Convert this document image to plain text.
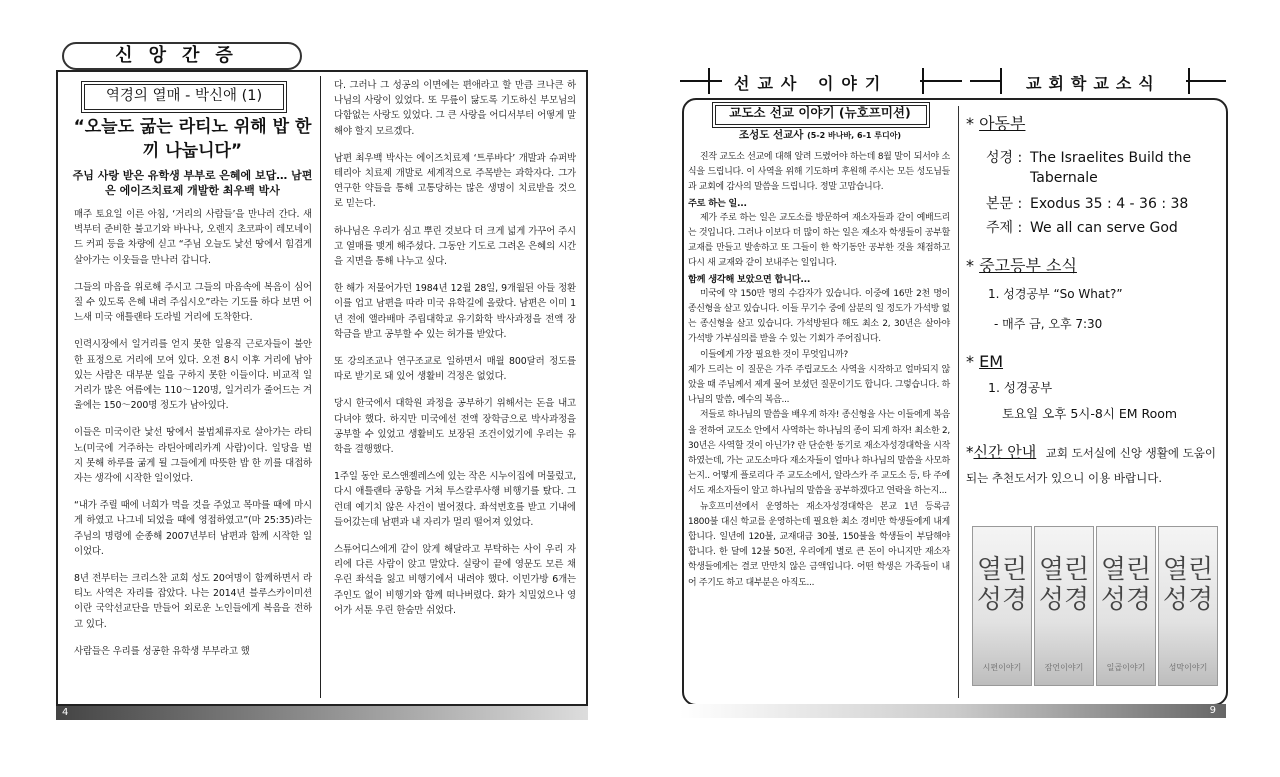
신앙간증
역경의 열매 - 박신애 (1)
“오늘도 굶는 라티노 위해 밥 한 끼 나눕니다”
주님 사랑 받은 유학생 부부로 은혜에 보답… 남편은 에이즈치료제 개발한 최우백 박사

매주 토요일 이른 아침, ‘거리의 사람들’을 만나러 간다. 새벽부터 준비한 불고기와 바나나, 오렌지 초코파이 레모네이드 커피 등을 차량에 싣고 “주님 오늘도 낯선 땅에서 힘겹게 살아가는 이웃들을 만나러 갑니다.

그들의 마음을 위로해 주시고 그들의 마음속에 복음이 심어질 수 있도록 은혜 내려 주십시오”라는 기도를 하다 보면 어느새 미국 애틀랜타 도라빌 거리에 도착한다.

인력시장에서 일거리를 얻지 못한 일용직 근로자들이 불안한 표정으로 거리에 모여 있다. 오전 8시 이후 거리에 남아있는 사람은 대부분 일을 구하지 못한 이들이다. 비교적 일거리가 많은 여름에는 110～120명, 일거리가 줄어드는 겨울에는 150～200명 정도가 남아있다.

이들은 미국이란 낯선 땅에서 불법체류자로 살아가는 라티노(미국에 거주하는 라틴아메리카계 사람)이다. 일당을 벌지 못해 하루를 굶게 될 그들에게 따뜻한 밥 한 끼를 대접하자는 생각에 시작한 일이었다.

“내가 주릴 때에 너희가 먹을 것을 주었고 목마를 때에 마시게 하였고 나그네 되었을 때에 영접하였고”(마 25:35)라는 주님의 명령에 순종해 2007년부터 남편과 함께 시작한 일이었다.

8년 전부터는 크리스찬 교회 성도 20여명이 함께하면서 라티노 사역은 자리를 잡았다. 나는 2014년 블루스카이미션이란 국악선교단을 만들어 외로운 노인들에게 복음을 전하고 있다.

사람들은 우리를 성공한 유학생 부부라고 했

다. 그러나 그 성공의 이면에는 편애라고 할 만큼 크나큰 하나님의 사랑이 있었다. 또 무릎이 닳도록 기도하신 부모님의 다함없는 사랑도 있었다. 그 큰 사랑을 어디서부터 어떻게 말해야 할지 모르겠다.

남편 최우백 박사는 에이즈치료제 ‘트루바다’ 개발과 슈퍼박테리아 치료제 개발로 세계적으로 주목받는 과학자다. 그가 연구한 약들을 통해 고통당하는 많은 생명이 치료받을 것으로 믿는다.

하나님은 우리가 심고 뿌린 것보다 더 크게 넓게 가꾸어 주시고 열매를 맺게 해주셨다. 그동안 기도로 그려온 은혜의 시간을 지면을 통해 나누고 싶다.

한 해가 저물어가던 1984년 12월 28일, 9개월된 아들 정환이를 업고 남편을 따라 미국 유학길에 올랐다. 남편은 이미 1년 전에 앨라배마 주립대학교 유기화학 박사과정을 전액 장학금을 받고 공부할 수 있는 허가를 받았다.

또 강의조교나 연구조교로 일하면서 매월 800달러 정도를 따로 받기로 돼 있어 생활비 걱정은 없었다.

당시 한국에서 대학원 과정을 공부하기 위해서는 돈을 내고 다녀야 했다. 하지만 미국에선 전액 장학금으로 박사과정을 공부할 수 있었고 생활비도 보장된 조건이었기에 우리는 유학을 결행했다.

1주일 동안 로스앤젤레스에 있는 작은 시누이집에 머물렀고, 다시 애틀랜타 공항을 거쳐 투스칼루사행 비행기를 탔다. 그런데 예기치 않은 사건이 벌어졌다. 좌석번호를 받고 기내에 들어갔는데 남편과 내 자리가 멀리 떨어져 있었다.

스튜어디스에게 같이 앉게 해달라고 부탁하는 사이 우리 자리에 다른 사람이 앉고 말았다. 실랑이 끝에 영문도 모른 채 우린 좌석을 잃고 비행기에서 내려야 했다. 이민가방 6개는 주인도 없이 비행기와 함께 떠나버렸다. 화가 치밀었으나 영어가 서툰 우린 한숨만 쉬었다.

4
선교사 이야기	교회학교소식
교도소 선교 이야기 (뉴호프미션)
조성도 선교사 (5-2 바나바, 6-1 루디아)

진작 교도소 선교에 대해 알려 드렸어야 하는데 8월 말이 되서야 소식을 드립니다. 이 사역을 위해 기도하며 후원해 주시는 모든 성도님들과 교회에 감사의 말씀을 드립니다. 정말 고맙습니다.

주로 하는 일...

제가 주로 하는 일은 교도소를 방문하여 재소자들과 같이 예배드리는 것입니다. 그러나 이보다 더 많이 하는 일은 재소자 학생들이 공부할 교재를 만들고 발송하고 또 그들이 한 학기동안 공부한 것을 채점하고 다시 새 교재와 같이 보내주는 일입니다.

함께 생각해 보았으면 합니다...

미국에 약 150만 명의 수감자가 있습니다. 이중에 16만 2천 명이 종신형을 살고 있습니다. 이들 무기수 중에 삼분의 일 정도가 가석방 없는 종신형을 살고 있습니다. 가석방된다 해도 최소 2, 30년은 살아야 가석방 가부심의를 받을 수 있는 기회가 주어집니다.

이들에게 가장 필요한 것이 무엇입니까?

제가 드리는 이 질문은 가주 주립교도소 사역을 시작하고 얼마되지 않았을 때 주님께서 제게 물어 보셨던 질문이기도 합니다. 그렇습니다. 하나님의 말씀, 예수의 복음...

저들로 하나님의 말씀을 배우게 하자! 종신형을 사는 이들에게 복음을 전하여 교도소 안에서 사역하는 하나님의 종이 되게 하자! 최소한 2, 30년은 사역할 것이 아닌가? 란 단순한 동기로 재소자성경대학을 시작하였는데, 가는 교도소마다 재소자들이 얼마나 하나님의 말씀을 사모하는지.. 어떻게 플로리다 주 교도소에서, 알라스카 주 교도소 등, 타 주에서도 재소자들이 알고 하나님의 말씀을 공부하겠다고 연락을 하는지...

뉴호프미션에서 운영하는 재소자성경대학은 본교 1년 등록금 1800불 대신 학교를 운영하는데 필요한 최소 경비만 학생들에게 내게합니다. 일년에 120불, 교재대금 30불, 150불을 학생들이 부담해야 합니다. 한 달에 12불 50전, 우리에게 별로 큰 돈이 아니지만 재소자 학생들에게는 결코 만만치 않은 금액입니다. 어떤 학생은 가족들이 내어 주기도 하고 대부분은 아직도...

* 아동부

성경 : The Israelites Build the Tabernale
본문 : Exodus 35 : 4 - 36 : 38
주제 : We all can serve God

* 중고등부 소식

1. 성경공부 “So What?”

- 매주 금, 오후 7:30

* EM

1. 성경공부

토요일 오후 5시-8시 EM Room

*신간 안내 교회 도서실에 신앙 생활에 도움이 되는 추천도서가 있으니 이용 바랍니다.

열린 성경
시편이야기
열린 성경
잠언이야기
열린 성경
일곱이야기
열린 성경
성막이야기
9
